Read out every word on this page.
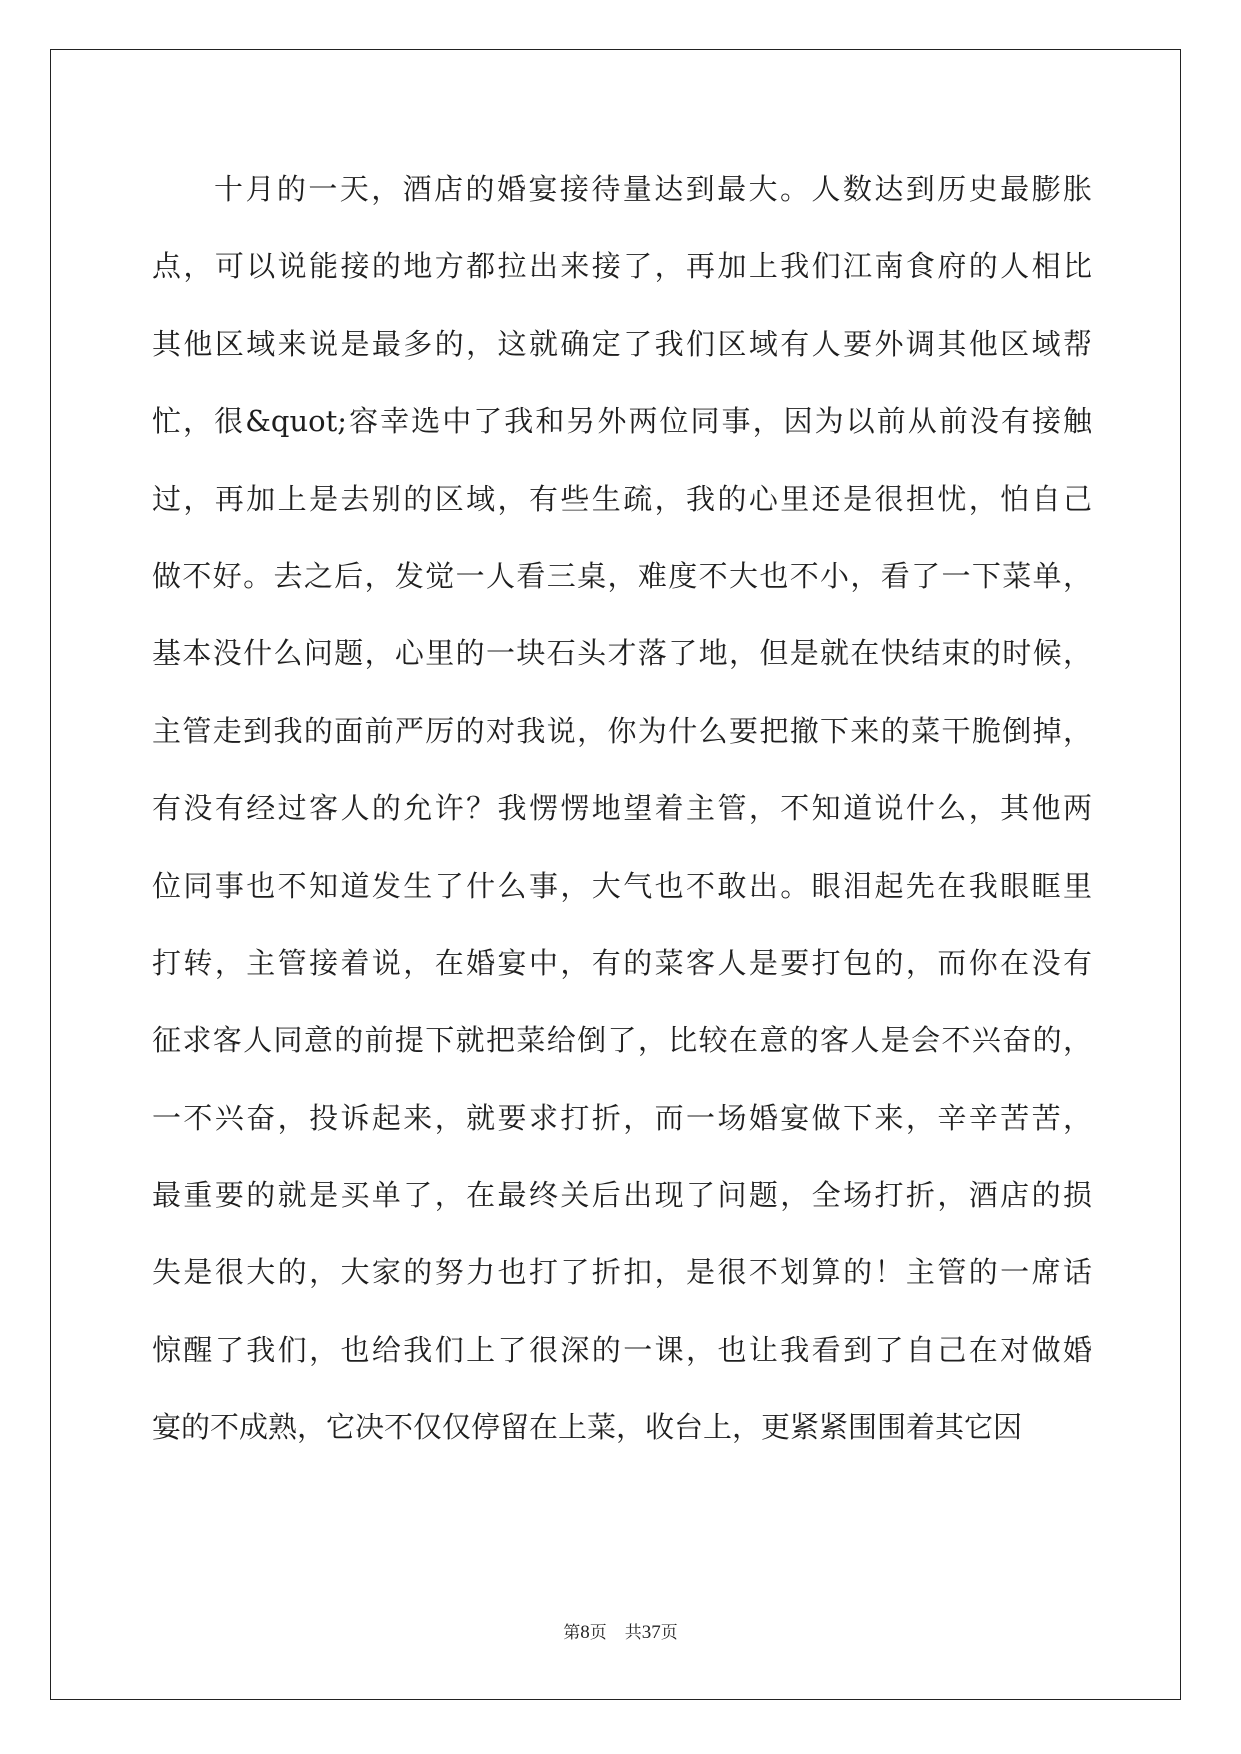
十月的一天，酒店的婚宴接待量达到最大。人数达到历史最膨胀
点，可以说能接的地方都拉出来接了，再加上我们江南食府的人相比
其他区域来说是最多的，这就确定了我们区域有人要外调其他区域帮
忙，很&quot;容幸选中了我和另外两位同事，因为以前从前没有接触
过，再加上是去别的区域，有些生疏，我的心里还是很担忧，怕自己
做不好。去之后，发觉一人看三桌，难度不大也不小，看了一下菜单，
基本没什么问题，心里的一块石头才落了地，但是就在快结束的时候，
主管走到我的面前严厉的对我说，你为什么要把撤下来的菜干脆倒掉，
有没有经过客人的允许？我愣愣地望着主管，不知道说什么，其他两
位同事也不知道发生了什么事，大气也不敢出。眼泪起先在我眼眶里
打转，主管接着说，在婚宴中，有的菜客人是要打包的，而你在没有
征求客人同意的前提下就把菜给倒了，比较在意的客人是会不兴奋的，
一不兴奋，投诉起来，就要求打折，而一场婚宴做下来，辛辛苦苦，
最重要的就是买单了，在最终关后出现了问题，全场打折，酒店的损
失是很大的，大家的努力也打了折扣，是很不划算的！主管的一席话
惊醒了我们，也给我们上了很深的一课，也让我看到了自己在对做婚
宴的不成熟，它决不仅仅停留在上菜，收台上，更紧紧围围着其它因
第8页 共37页
